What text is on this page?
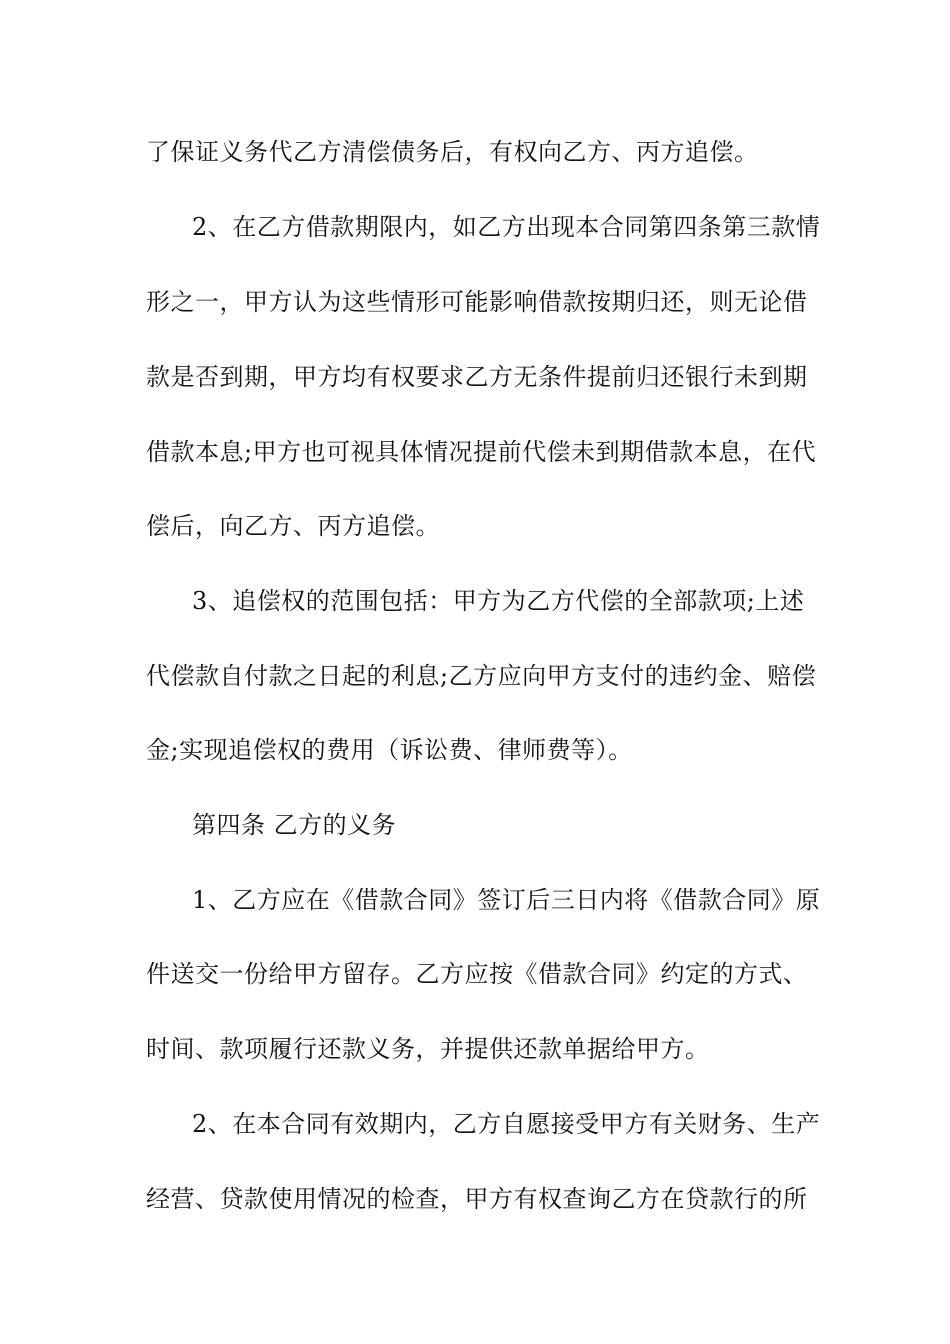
了保证义务代乙方清偿债务后，有权向乙方、丙方追偿。

2、在乙方借款期限内，如乙方出现本合同第四条第三款情

形之一，甲方认为这些情形可能影响借款按期归还，则无论借

款是否到期，甲方均有权要求乙方无条件提前归还银行未到期

借款本息;甲方也可视具体情况提前代偿未到期借款本息，在代

偿后，向乙方、丙方追偿。

3、追偿权的范围包括：甲方为乙方代偿的全部款项;上述

代偿款自付款之日起的利息;乙方应向甲方支付的违约金、赔偿

金;实现追偿权的费用（诉讼费、律师费等）。

第四条 乙方的义务

1、乙方应在《借款合同》签订后三日内将《借款合同》原

件送交一份给甲方留存。乙方应按《借款合同》约定的方式、

时间、款项履行还款义务，并提供还款单据给甲方。

2、在本合同有效期内，乙方自愿接受甲方有关财务、生产

经营、贷款使用情况的检查，甲方有权查询乙方在贷款行的所
